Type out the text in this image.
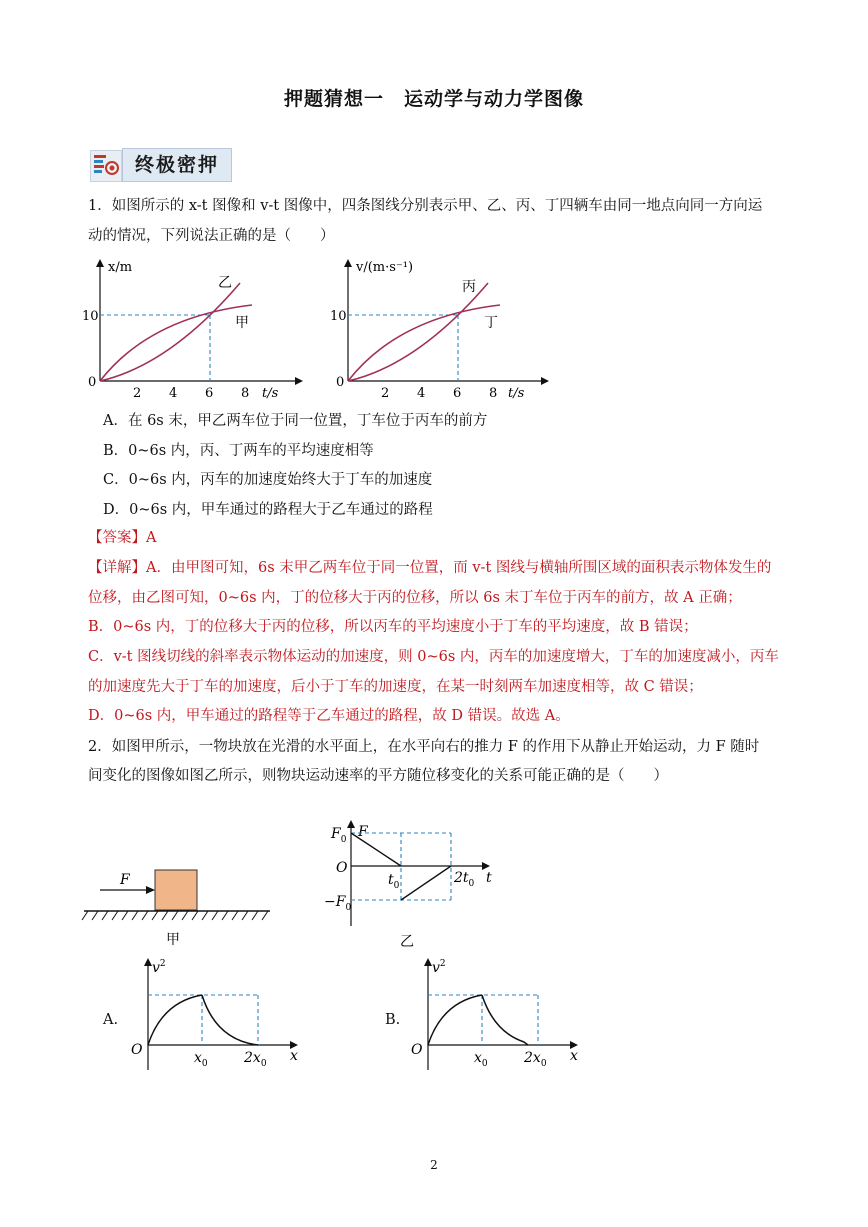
押题猜想一　运动学与动力学图像
终极密押
1．如图所示的 x-t 图像和 v-t 图像中，四条图线分别表示甲、乙、丙、丁四辆车由同一地点向同一方向运
动的情况，下列说法正确的是（　　）
x/m
t/s
10
0
2 4 6 8
乙
甲
v/(m·s⁻¹)
t/s
10
0
2 4 6 8
丙
丁
A．在 6s 末，甲乙两车位于同一位置，丁车位于丙车的前方
B．0~6s 内，丙、丁两车的平均速度相等
C．0~6s 内，丙车的加速度始终大于丁车的加速度
D．0~6s 内，甲车通过的路程大于乙车通过的路程
【答案】A
【详解】A．由甲图可知，6s 末甲乙两车位于同一位置，而 v-t 图线与横轴所围区域的面积表示物体发生的
位移，由乙图可知，0~6s 内，丁的位移大于丙的位移，所以 6s 末丁车位于丙车的前方，故 A 正确；
B．0~6s 内，丁的位移大于丙的位移，所以丙车的平均速度小于丁车的平均速度，故 B 错误；
C．v-t 图线切线的斜率表示物体运动的加速度，则 0~6s 内，丙车的加速度增大，丁车的加速度减小，丙车
的加速度先大于丁车的加速度，后小于丁车的加速度，在某一时刻两车加速度相等，故 C 错误；
D．0~6s 内，甲车通过的路程等于乙车通过的路程，故 D 错误。故选 A。
2．如图甲所示，一物块放在光滑的水平面上，在水平向右的推力 F 的作用下从静止开始运动，力 F 随时
间变化的图像如图乙所示，则物块运动速率的平方随位移变化的关系可能正确的是（　　）
F
甲
F
t
$F_0$
$-F_0$
O
$t_0$	$2t_0$
乙
A.
$v^2$
O	$x_0$	$2x_0$ x
B.
$v^2$
O	$x_0$	$2x_0$ x
2
